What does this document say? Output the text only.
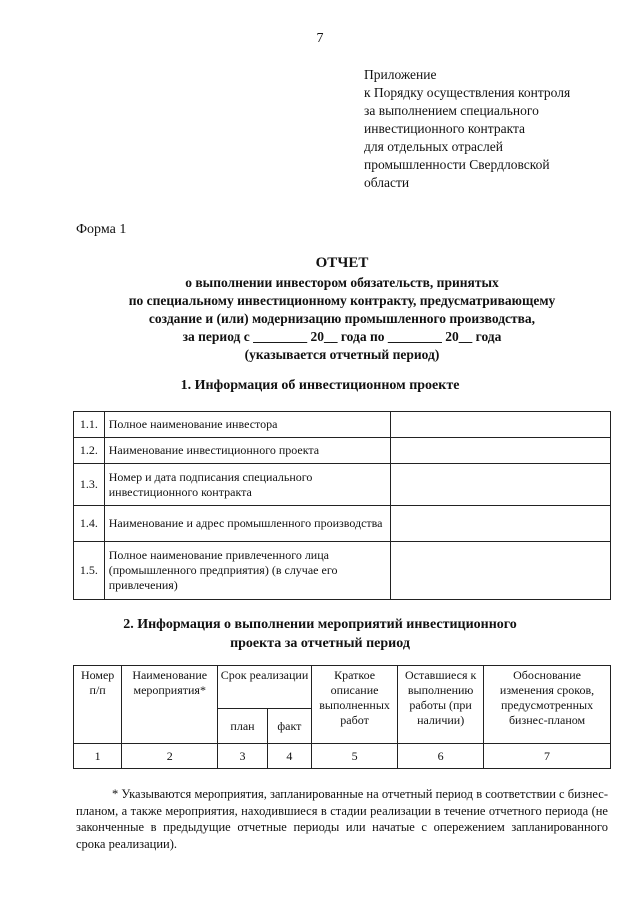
7
Приложение
к Порядку осуществления контроля
за выполнением специального
инвестиционного контракта
для отдельных отраслей
промышленности Свердловской
области
Форма 1
ОТЧЕТ
о выполнении инвестором обязательств, принятых
по специальному инвестиционному контракту, предусматривающему
создание и (или) модернизацию промышленного производства,
за период с ________ 20__ года по ________ 20__ года
(указывается отчетный период)
1. Информация об инвестиционном проекте
1.1.	Полное наименование инвестора	
1.2.	Наименование инвестиционного проекта	
1.3.	Номер и дата подписания специального инвестиционного контракта	
1.4.	Наименование и адрес промышленного производства	
1.5.	Полное наименование привлеченного лица (промышленного предприятия) (в случае его привлечения)	
2. Информация о выполнении мероприятий инвестиционного
проекта за отчетный период
Номер п/п	Наименование мероприятия*	Срок реализации		Краткое описание выполненных работ	Оставшиеся к выполнению работы (при наличии)	Обоснование изменения сроков, предусмотренных бизнес-планом
		план	факт			
1	2	3	4	5	6	7
* Указываются мероприятия, запланированные на отчетный период в соответствии с бизнес-планом, а также мероприятия, находившиеся в стадии реализации в течение отчетного периода (не законченные в предыдущие отчетные периоды или начатые с опережением запланированного срока реализации).
